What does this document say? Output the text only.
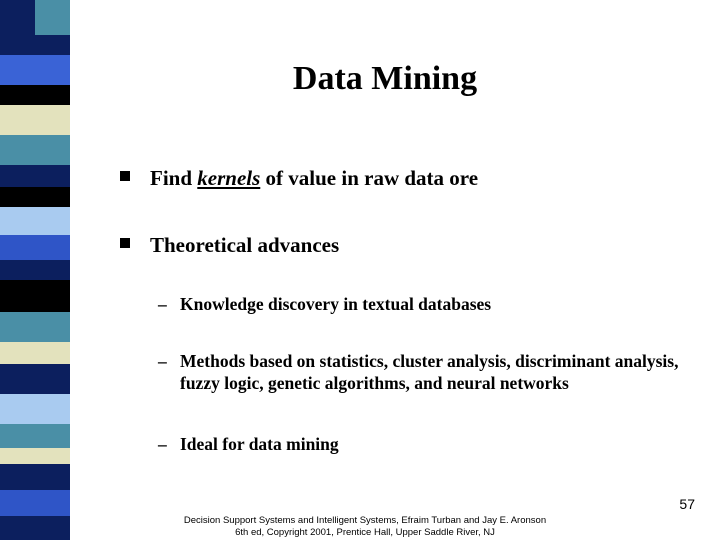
Data Mining
Find kernels of value in raw data ore
Theoretical advances
– Knowledge discovery in textual databases
– Methods based on statistics, cluster analysis, discriminant analysis, fuzzy logic, genetic algorithms, and neural networks
– Ideal for data mining
57
Decision Support Systems and Intelligent Systems, Efraim Turban and Jay E. Aronson
6th ed, Copyright 2001, Prentice Hall, Upper Saddle River, NJ
